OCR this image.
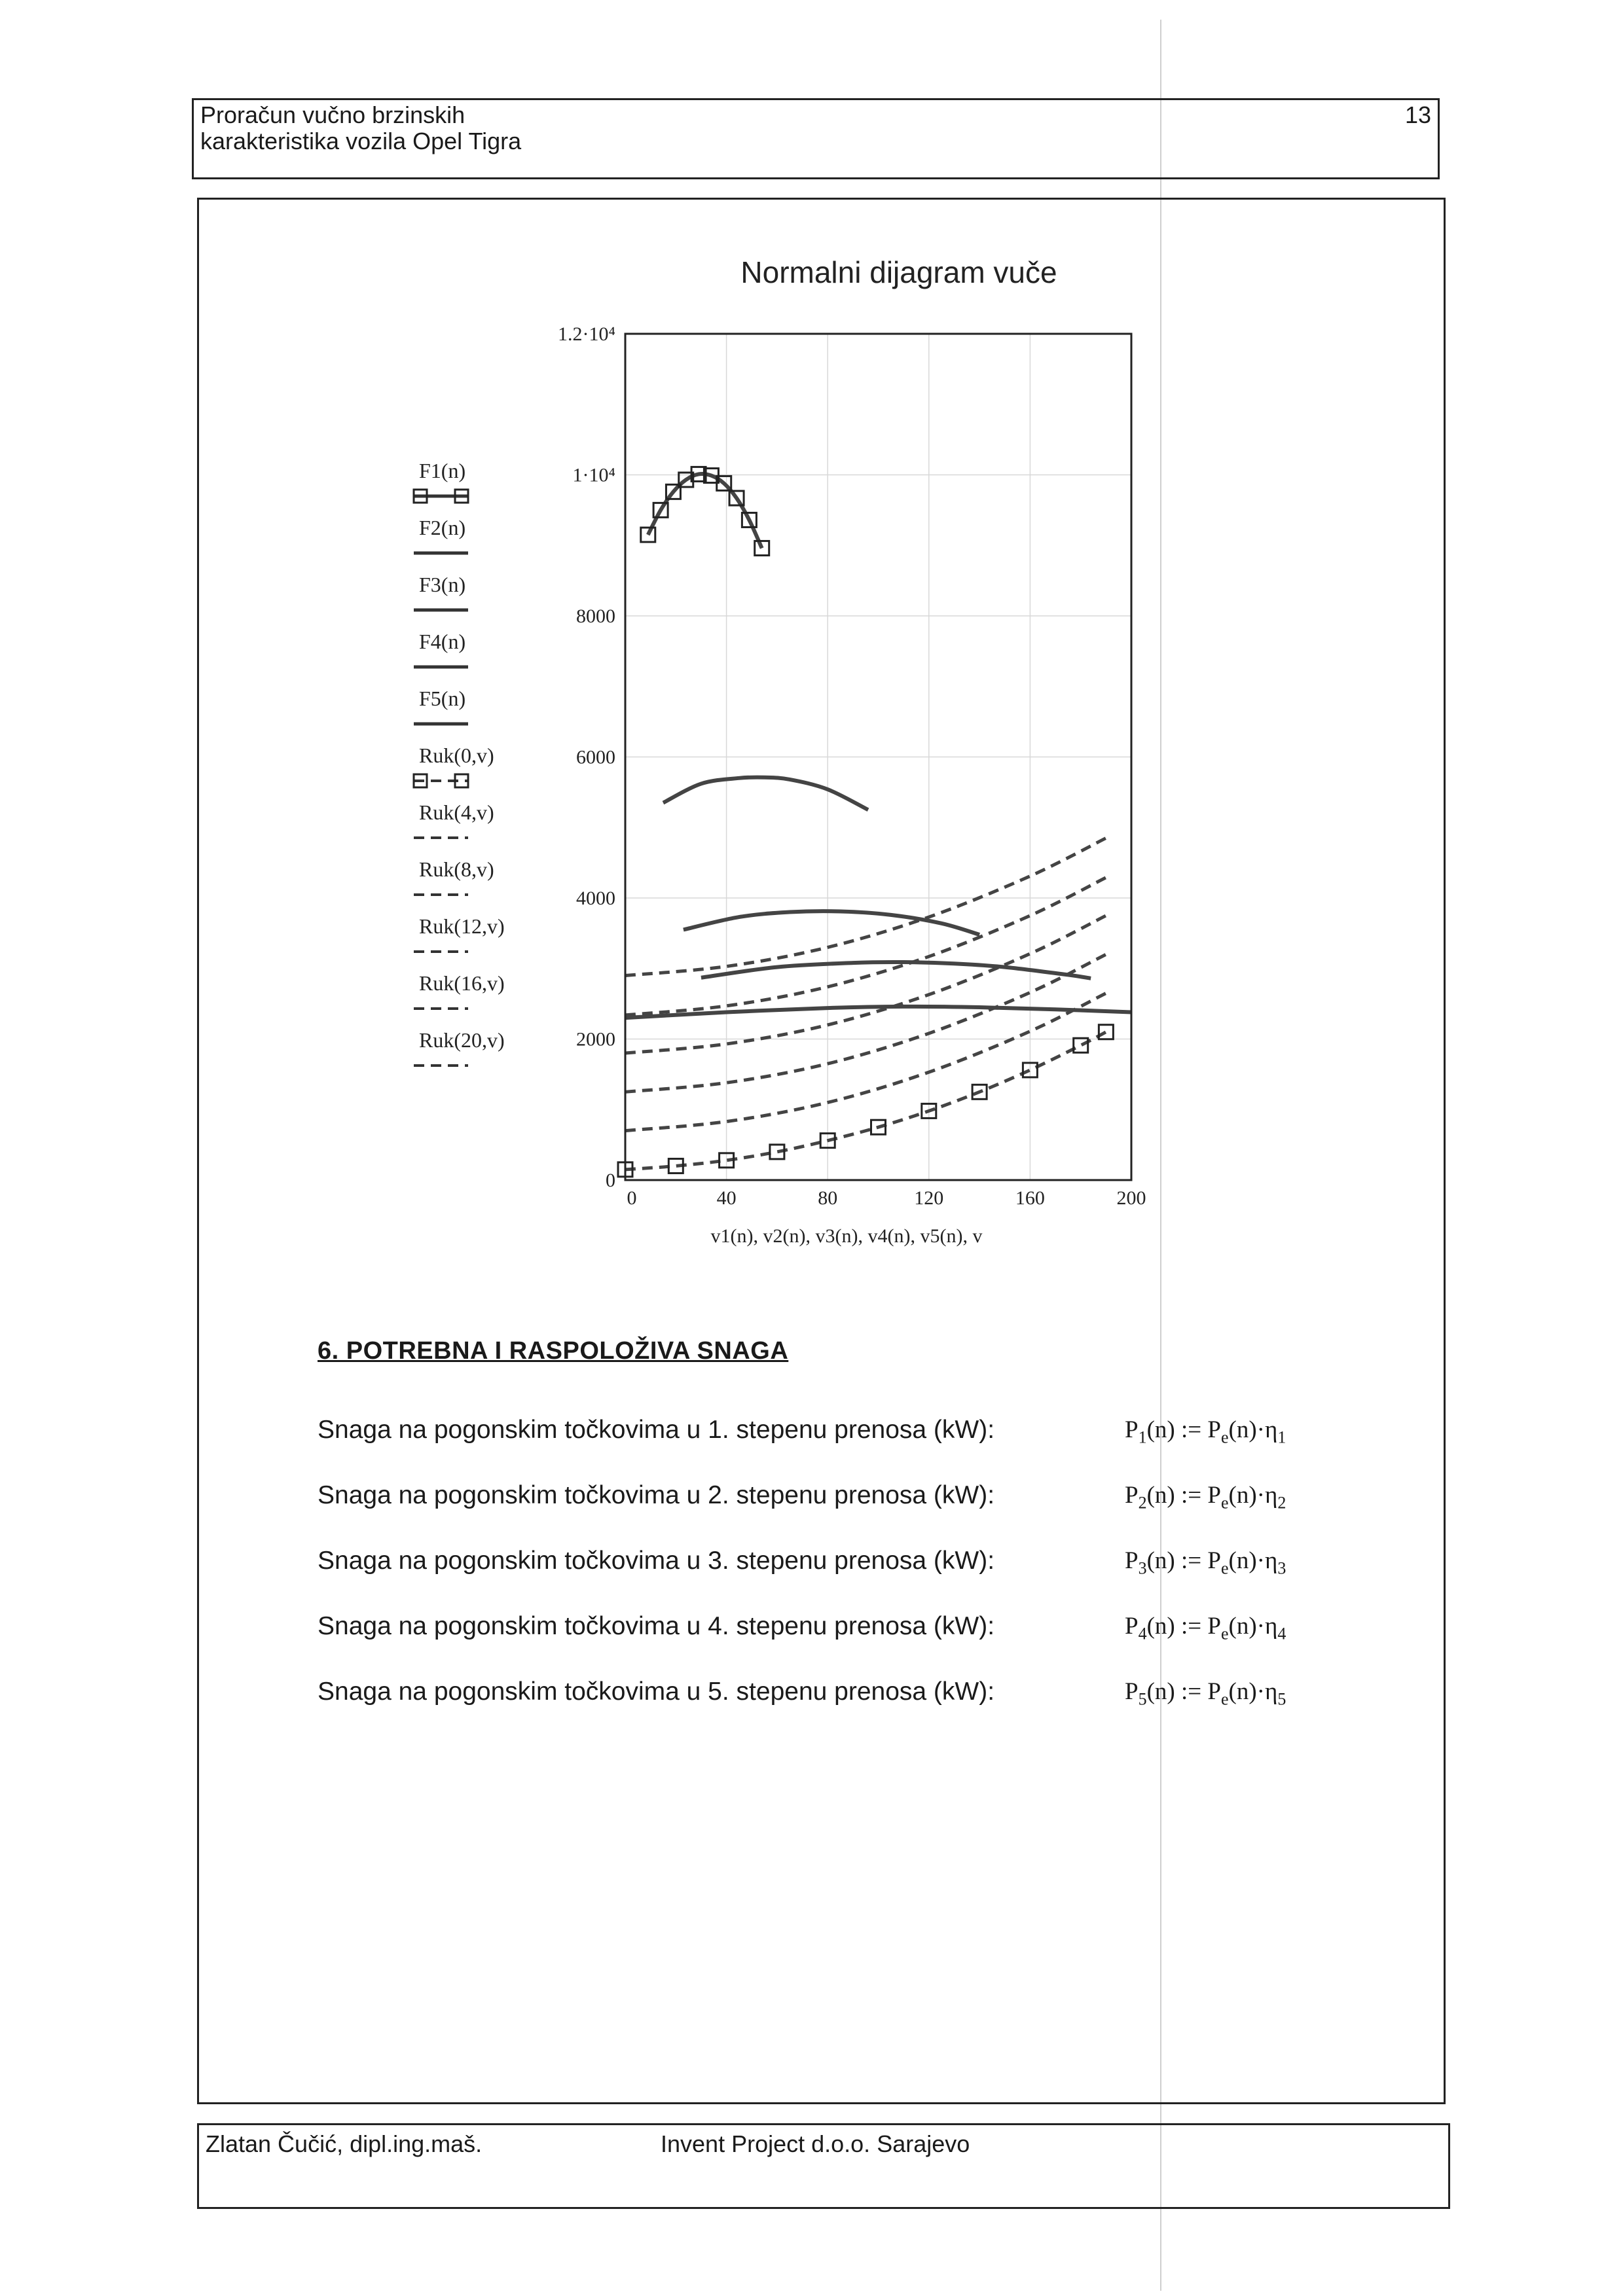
Proračun vučno brzinskih
karakteristika vozila Opel Tigra
13
Normalni dijagram vuče
0
2000
4000
6000
8000
1·10⁴
1.2·10⁴
0	40	80	120	160	200
v1(n), v2(n), v3(n), v4(n), v5(n), v
F1(n)
F2(n)
F3(n)
F4(n)
F5(n)
Ruk(0,v)
Ruk(4,v)
Ruk(8,v)
Ruk(12,v)
Ruk(16,v)
Ruk(20,v)
6. POTREBNA I RASPOLOŽIVA SNAGA
Snaga na pogonskim točkovima u 1. stepenu prenosa (kW):	$P_1(n)$ := $P_e(n)\cdot\eta_1$
Snaga na pogonskim točkovima u 2. stepenu prenosa (kW):	$P_2(n)$ := $P_e(n)\cdot\eta_2$
Snaga na pogonskim točkovima u 3. stepenu prenosa (kW):	$P_3(n)$ := $P_e(n)\cdot\eta_3$
Snaga na pogonskim točkovima u 4. stepenu prenosa (kW):	$P_4(n)$ := $P_e(n)\cdot\eta_4$
Snaga na pogonskim točkovima u 5. stepenu prenosa (kW):	$P_5(n)$ := $P_e(n)\cdot\eta_5$
Zlatan Čučić, dipl.ing.maš.	Invent Project d.o.o. Sarajevo
